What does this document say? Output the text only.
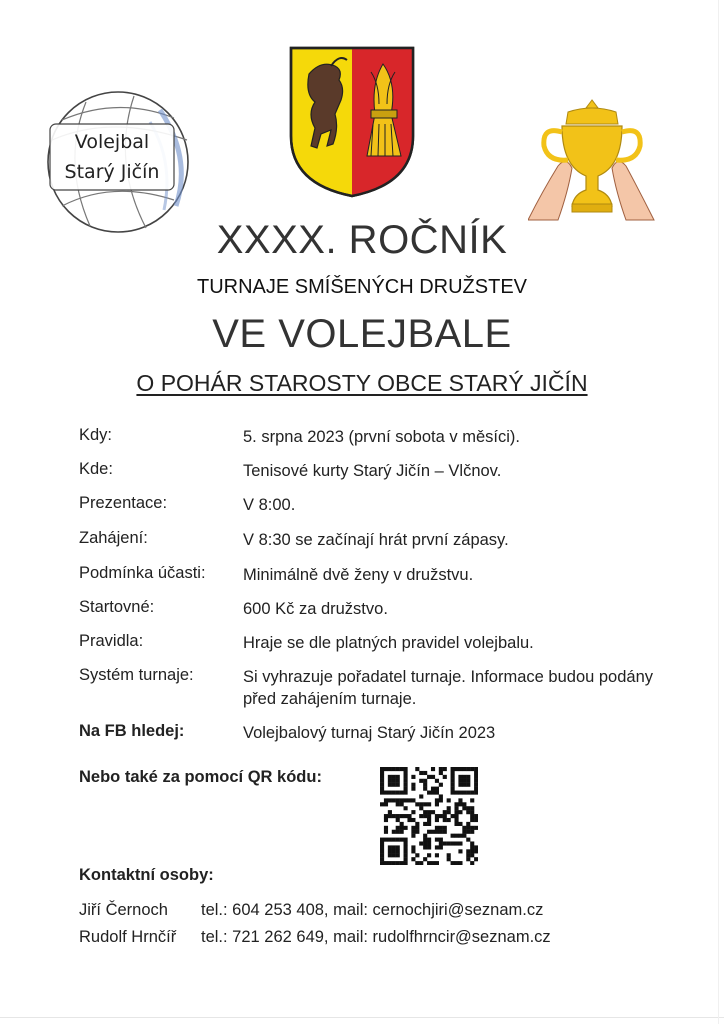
Volejbal
Starý Jičín
XXXX. ROČNÍK
TURNAJE SMÍŠENÝCH DRUŽSTEV
VE VOLEJBALE
O POHÁR STAROSTY OBCE STARÝ JIČÍN
Kdy:	5. srpna 2023 (první sobota v měsíci).
Kde:	Tenisové kurty Starý Jičín – Vlčnov.
Prezentace:	V 8:00.
Zahájení:	V 8:30 se začínají hrát první zápasy.
Podmínka účasti: Minimálně dvě ženy v družstvu.
Startovné:	600 Kč za družstvo.
Pravidla:	Hraje se dle platných pravidel volejbalu.
Systém turnaje:	Si vyhrazuje pořadatel turnaje. Informace budou podány před zahájením turnaje.
Na FB hledej:	Volejbalový turnaj Starý Jičín 2023
Nebo také za pomocí QR kódu:
Kontaktní osoby:
Jiří Černoch tel.: 604 253 408, mail: cernochjiri@seznam.cz
Rudolf Hrnčíř tel.: 721 262 649, mail: rudolfhrncir@seznam.cz
